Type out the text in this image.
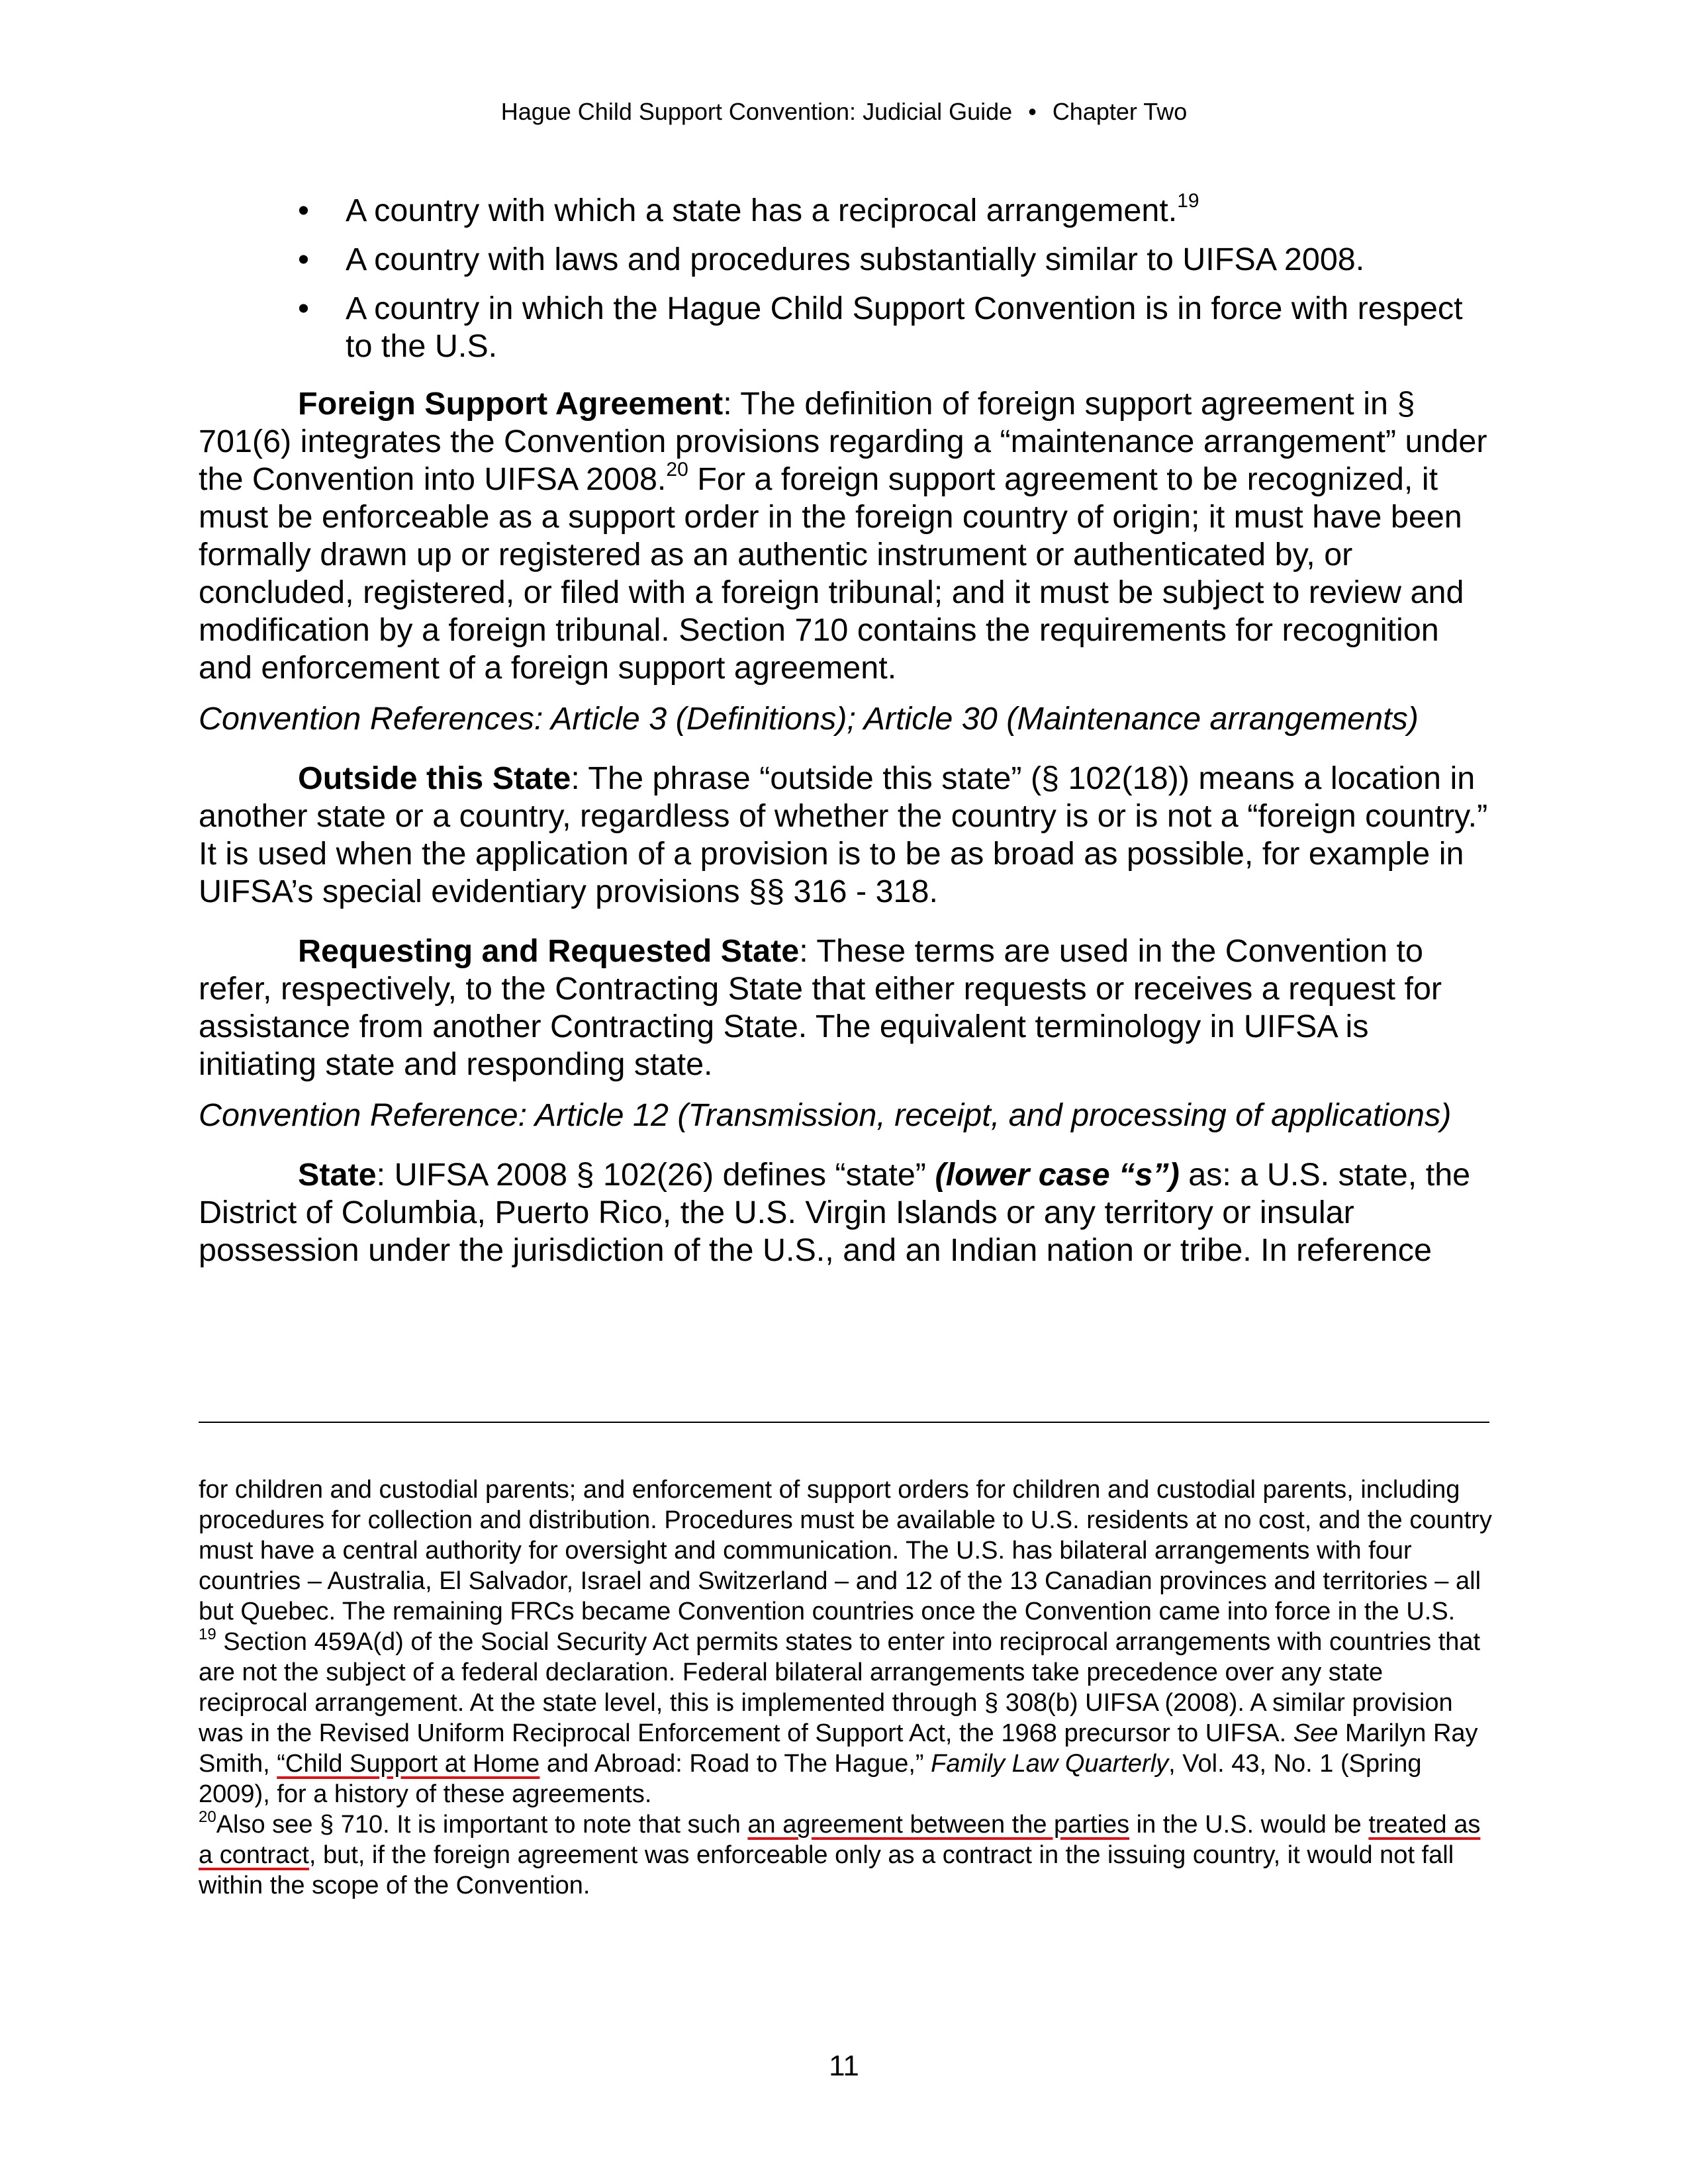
Hague Child Support Convention: Judicial Guide • Chapter Two
• A country with which a state has a reciprocal arrangement.$^{19}$
• A country with laws and procedures substantially similar to UIFSA 2008.
• A country in which the Hague Child Support Convention is in force with respect to the U.S.

Foreign Support Agreement: The definition of foreign support agreement in § 701(6) integrates the Convention provisions regarding a “maintenance arrangement” under the Convention into UIFSA 2008.20 For a foreign support agreement to be recognized, it must be enforceable as a support order in the foreign country of origin; it must have been formally drawn up or registered as an authentic instrument or authenticated by, or concluded, registered, or filed with a foreign tribunal; and it must be subject to review and modification by a foreign tribunal. Section 710 contains the requirements for recognition and enforcement of a foreign support agreement.

Convention References: Article 3 (Definitions); Article 30 (Maintenance arrangements)

Outside this State: The phrase “outside this state” (§ 102(18)) means a location in another state or a country, regardless of whether the country is or is not a “foreign country.” It is used when the application of a provision is to be as broad as possible, for example in UIFSA’s special evidentiary provisions §§ 316 - 318.

Requesting and Requested State: These terms are used in the Convention to refer, respectively, to the Contracting State that either requests or receives a request for assistance from another Contracting State. The equivalent terminology in UIFSA is initiating state and responding state.

Convention Reference: Article 12 (Transmission, receipt, and processing of applications)

State: UIFSA 2008 § 102(26) defines “state” (lower case “s”) as: a U.S. state, the District of Columbia, Puerto Rico, the U.S. Virgin Islands or any territory or insular possession under the jurisdiction of the U.S., and an Indian nation or tribe. In reference

for children and custodial parents; and enforcement of support orders for children and custodial parents, including procedures for collection and distribution. Procedures must be available to U.S. residents at no cost, and the country must have a central authority for oversight and communication. The U.S. has bilateral arrangements with four countries – Australia, El Salvador, Israel and Switzerland – and 12 of the 13 Canadian provinces and territories – all but Quebec. The remaining FRCs became Convention countries once the Convention came into force in the U.S.

$^{19}$ Section 459A(d) of the Social Security Act permits states to enter into reciprocal arrangements with countries that are not the subject of a federal declaration. Federal bilateral arrangements take precedence over any state reciprocal arrangement. At the state level, this is implemented through § 308(b) UIFSA (2008). A similar provision was in the Revised Uniform Reciprocal Enforcement of Support Act, the 1968 precursor to UIFSA. See Marilyn Ray Smith, “Child Support at Home and Abroad: Road to The Hague,” Family Law Quarterly, Vol. 43, No. 1 (Spring 2009), for a history of these agreements.

$^{20}$Also see § 710. It is important to note that such an agreement between the parties in the U.S. would be treated as a contract, but, if the foreign agreement was enforceable only as a contract in the issuing country, it would not fall within the scope of the Convention.

11
